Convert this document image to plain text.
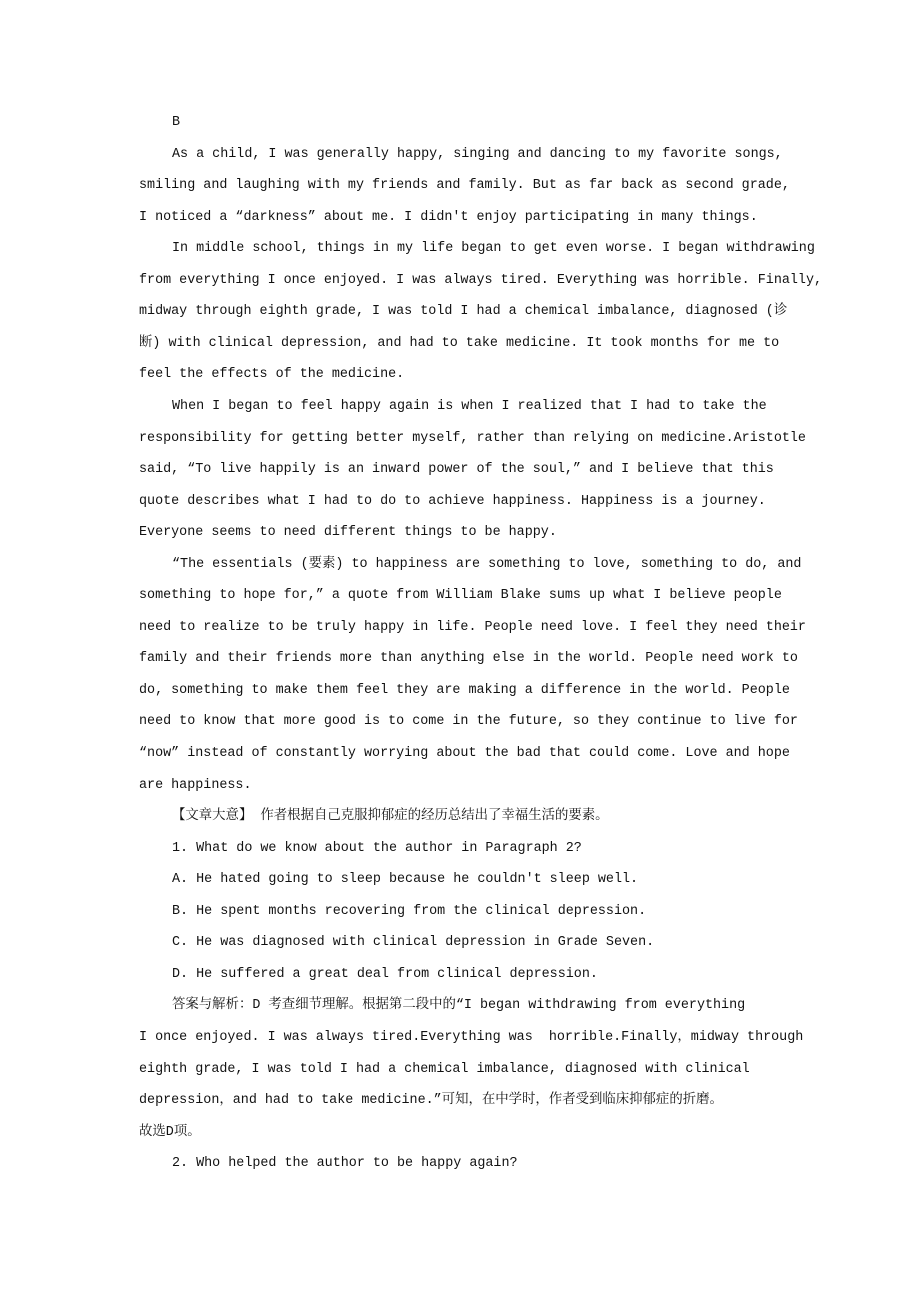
B
As a child, I was generally happy, singing and dancing to my favorite songs,
smiling and laughing with my friends and family. But as far back as second grade,
I noticed a “darkness” about me. I didn't enjoy participating in many things.
In middle school, things in my life began to get even worse. I began withdrawing
from everything I once enjoyed. I was always tired. Everything was horrible. Finally,
midway through eighth grade, I was told I had a chemical imbalance, diagnosed (诊
断) with clinical depression, and had to take medicine. It took months for me to
feel the effects of the medicine.
When I began to feel happy again is when I realized that I had to take the
responsibility for getting better myself, rather than relying on medicine.Aristotle
said, “To live happily is an inward power of the soul,” and I believe that this
quote describes what I had to do to achieve happiness. Happiness is a journey.
Everyone seems to need different things to be happy.
“The essentials (要素) to happiness are something to love, something to do, and
something to hope for,” a quote from William Blake sums up what I believe people
need to realize to be truly happy in life. People need love. I feel they need their
family and their friends more than anything else in the world. People need work to
do, something to make them feel they are making a difference in the world. People
need to know that more good is to come in the future, so they continue to live for
“now” instead of constantly worrying about the bad that could come. Love and hope
are happiness.
【文章大意】 作者根据自己克服抑郁症的经历总结出了幸福生活的要素。
1. What do we know about the author in Paragraph 2?
A. He hated going to sleep because he couldn't sleep well.
B. He spent months recovering from the clinical depression.
C. He was diagnosed with clinical depression in Grade Seven.
D. He suffered a great deal from clinical depression.
答案与解析：D 考查细节理解。根据第二段中的“I began withdrawing from everything
I once enjoyed. I was always tired.Everything was  horrible.Finally，midway through
eighth grade, I was told I had a chemical imbalance, diagnosed with clinical
depression，and had to take medicine.”可知，在中学时，作者受到临床抑郁症的折磨。
故选D项。
2. Who helped the author to be happy again?
